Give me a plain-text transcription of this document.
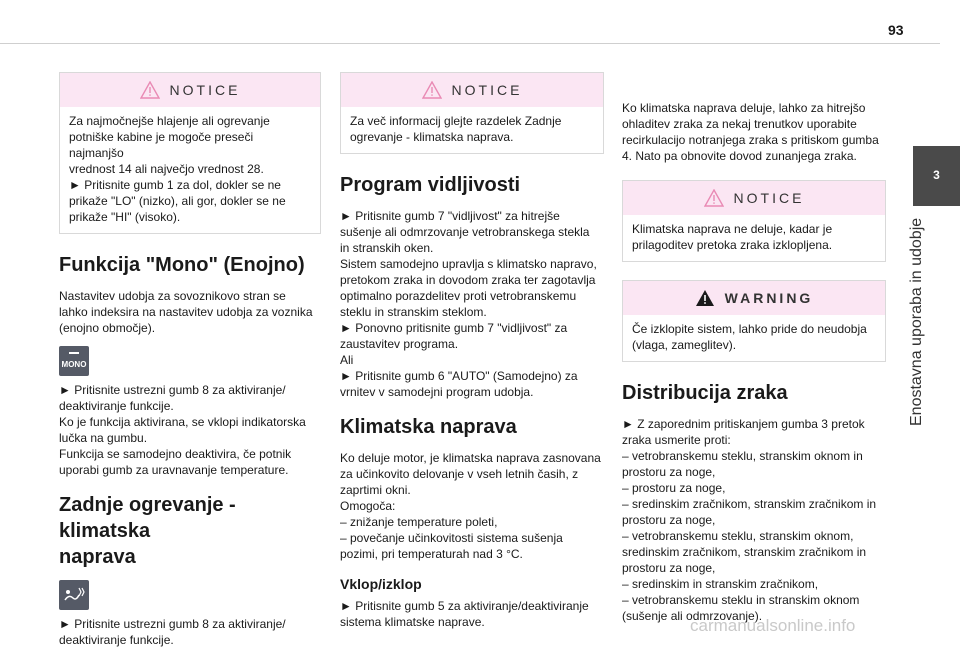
93
3
Enostavna uporaba in udobje
NOTICE
Za najmočnejše hlajenje ali ogrevanje
potniške kabine je mogoče preseči najmanjšo
vrednost 14 ali največjo vrednost 28.
► Pritisnite gumb 1 za dol, dokler se ne
prikaže "LO" (nizko), ali gor, dokler se ne
prikaže "HI" (visoko).
Funkcija "Mono" (Enojno)

Nastavitev udobja za sovoznikovo stran se
lahko indeksira na nastavitev udobja za voznika
(enojno območje).

MONO

► Pritisnite ustrezni gumb 8 za aktiviranje/
deaktiviranje funkcije.
Ko je funkcija aktivirana, se vklopi indikatorska
lučka na gumbu.
Funkcija se samodejno deaktivira, če potnik
uporabi gumb za uravnavanje temperature.

Zadnje ogrevanje - klimatska
naprava

► Pritisnite ustrezni gumb 8 za aktiviranje/
deaktiviranje funkcije.

NOTICE
Za več informacij glejte razdelek Zadnje
ogrevanje - klimatska naprava.
Program vidljivosti

► Pritisnite gumb 7 "vidljivost" za hitrejše
sušenje ali odmrzovanje vetrobranskega stekla
in stranskih oken.
Sistem samodejno upravlja s klimatsko napravo,
pretokom zraka in dovodom zraka ter zagotavlja
optimalno porazdelitev proti vetrobranskemu
steklu in stranskim steklom.
► Ponovno pritisnite gumb 7 "vidljivost" za
zaustavitev programa.
Ali
► Pritisnite gumb 6 "AUTO" (Samodejno) za
vrnitev v samodejni program udobja.

Klimatska naprava

Ko deluje motor, je klimatska naprava zasnovana
za učinkovito delovanje v vseh letnih časih, z
zaprtimi okni.
Omogoča:
– znižanje temperature poleti,
– povečanje učinkovitosti sistema sušenja
pozimi, pri temperaturah nad 3 °C.

Vklop/izklop

► Pritisnite gumb 5 za aktiviranje/deaktiviranje
sistema klimatske naprave.

Ko klimatska naprava deluje, lahko za hitrejšo
ohladitev zraka za nekaj trenutkov uporabite
recirkulacijo notranjega zraka s pritiskom gumba
4. Nato pa obnovite dovod zunanjega zraka.

NOTICE
Klimatska naprava ne deluje, kadar je
prilagoditev pretoka zraka izklopljena.
WARNING
Če izklopite sistem, lahko pride do neudobja
(vlaga, zameglitev).
Distribucija zraka

► Z zaporednim pritiskanjem gumba 3 pretok
zraka usmerite proti:
– vetrobranskemu steklu, stranskim oknom in
prostoru za noge,
– prostoru za noge,
– sredinskim zračnikom, stranskim zračnikom in
prostoru za noge,
– vetrobranskemu steklu, stranskim oknom,
sredinskim zračnikom, stranskim zračnikom in
prostoru za noge,
– sredinskim in stranskim zračnikom,
– vetrobranskemu steklu in stranskim oknom
(sušenje ali odmrzovanje).

carmanualsonline.info
